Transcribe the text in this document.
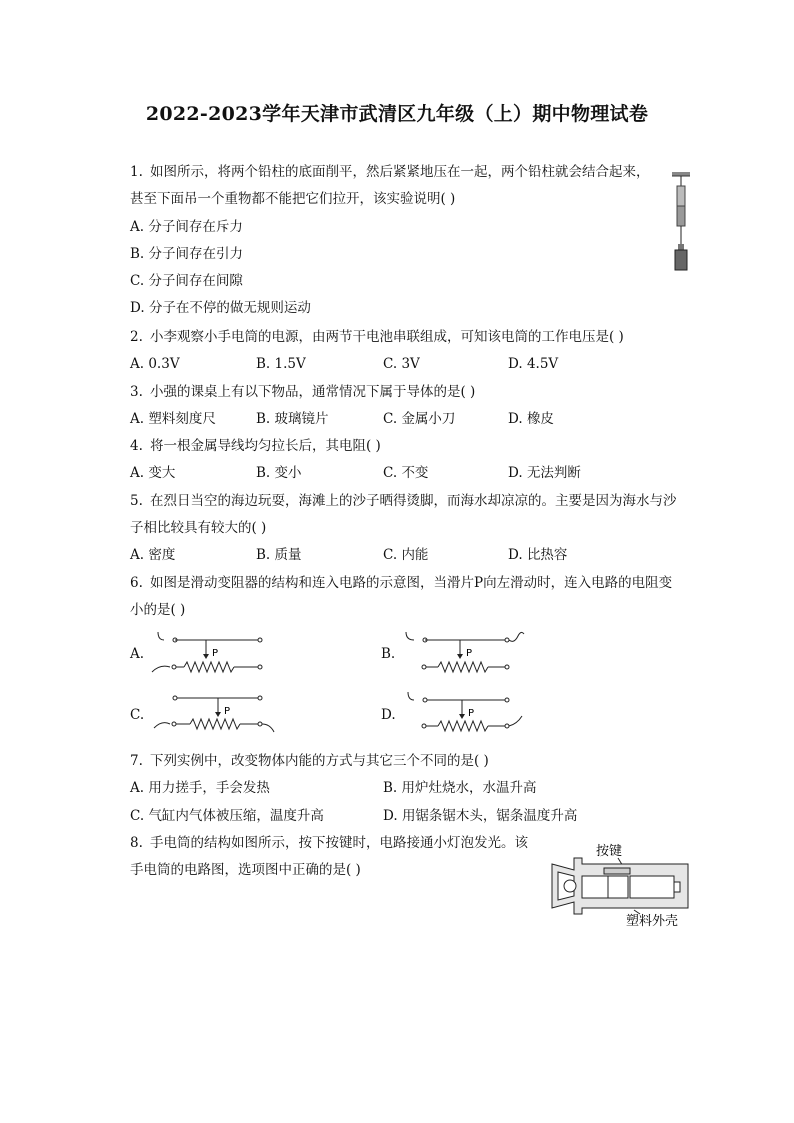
2022-2023学年天津市武清区九年级（上）期中物理试卷
1. 如图所示，将两个铅柱的底面削平，然后紧紧地压在一起，两个铅柱就会结合起来，
甚至下面吊一个重物都不能把它们拉开，该实验说明( )
A. 分子间存在斥力
B. 分子间存在引力
C. 分子间存在间隙
D. 分子在不停的做无规则运动
2. 小李观察小手电筒的电源，由两节干电池串联组成，可知该电筒的工作电压是( )
A. 0.3V	B. 1.5V	C. 3V	D. 4.5V
3. 小强的课桌上有以下物品，通常情况下属于导体的是( )
A. 塑料刻度尺	B. 玻璃镜片	C. 金属小刀	D. 橡皮
4. 将一根金属导线均匀拉长后，其电阻( )
A. 变大	B. 变小	C. 不变	D. 无法判断
5. 在烈日当空的海边玩耍，海滩上的沙子晒得烫脚，而海水却凉凉的。主要是因为海水与沙
子相比较具有较大的( )
A. 密度	B. 质量	C. 内能	D. 比热容
6. 如图是滑动变阻器的结构和连入电路的示意图，当滑片P向左滑动时，连入电路的电阻变
小的是( )
A.	P	B.	P
C.	P	D.	P
7. 下列实例中，改变物体内能的方式与其它三个不同的是( )
A. 用力搓手，手会发热	B. 用炉灶烧水，水温升高
C. 气缸内气体被压缩，温度升高	D. 用锯条锯木头，锯条温度升高
8. 手电筒的结构如图所示，按下按键时，电路接通小灯泡发光。该
手电筒的电路图，选项图中正确的是( )
按键
塑料外壳
